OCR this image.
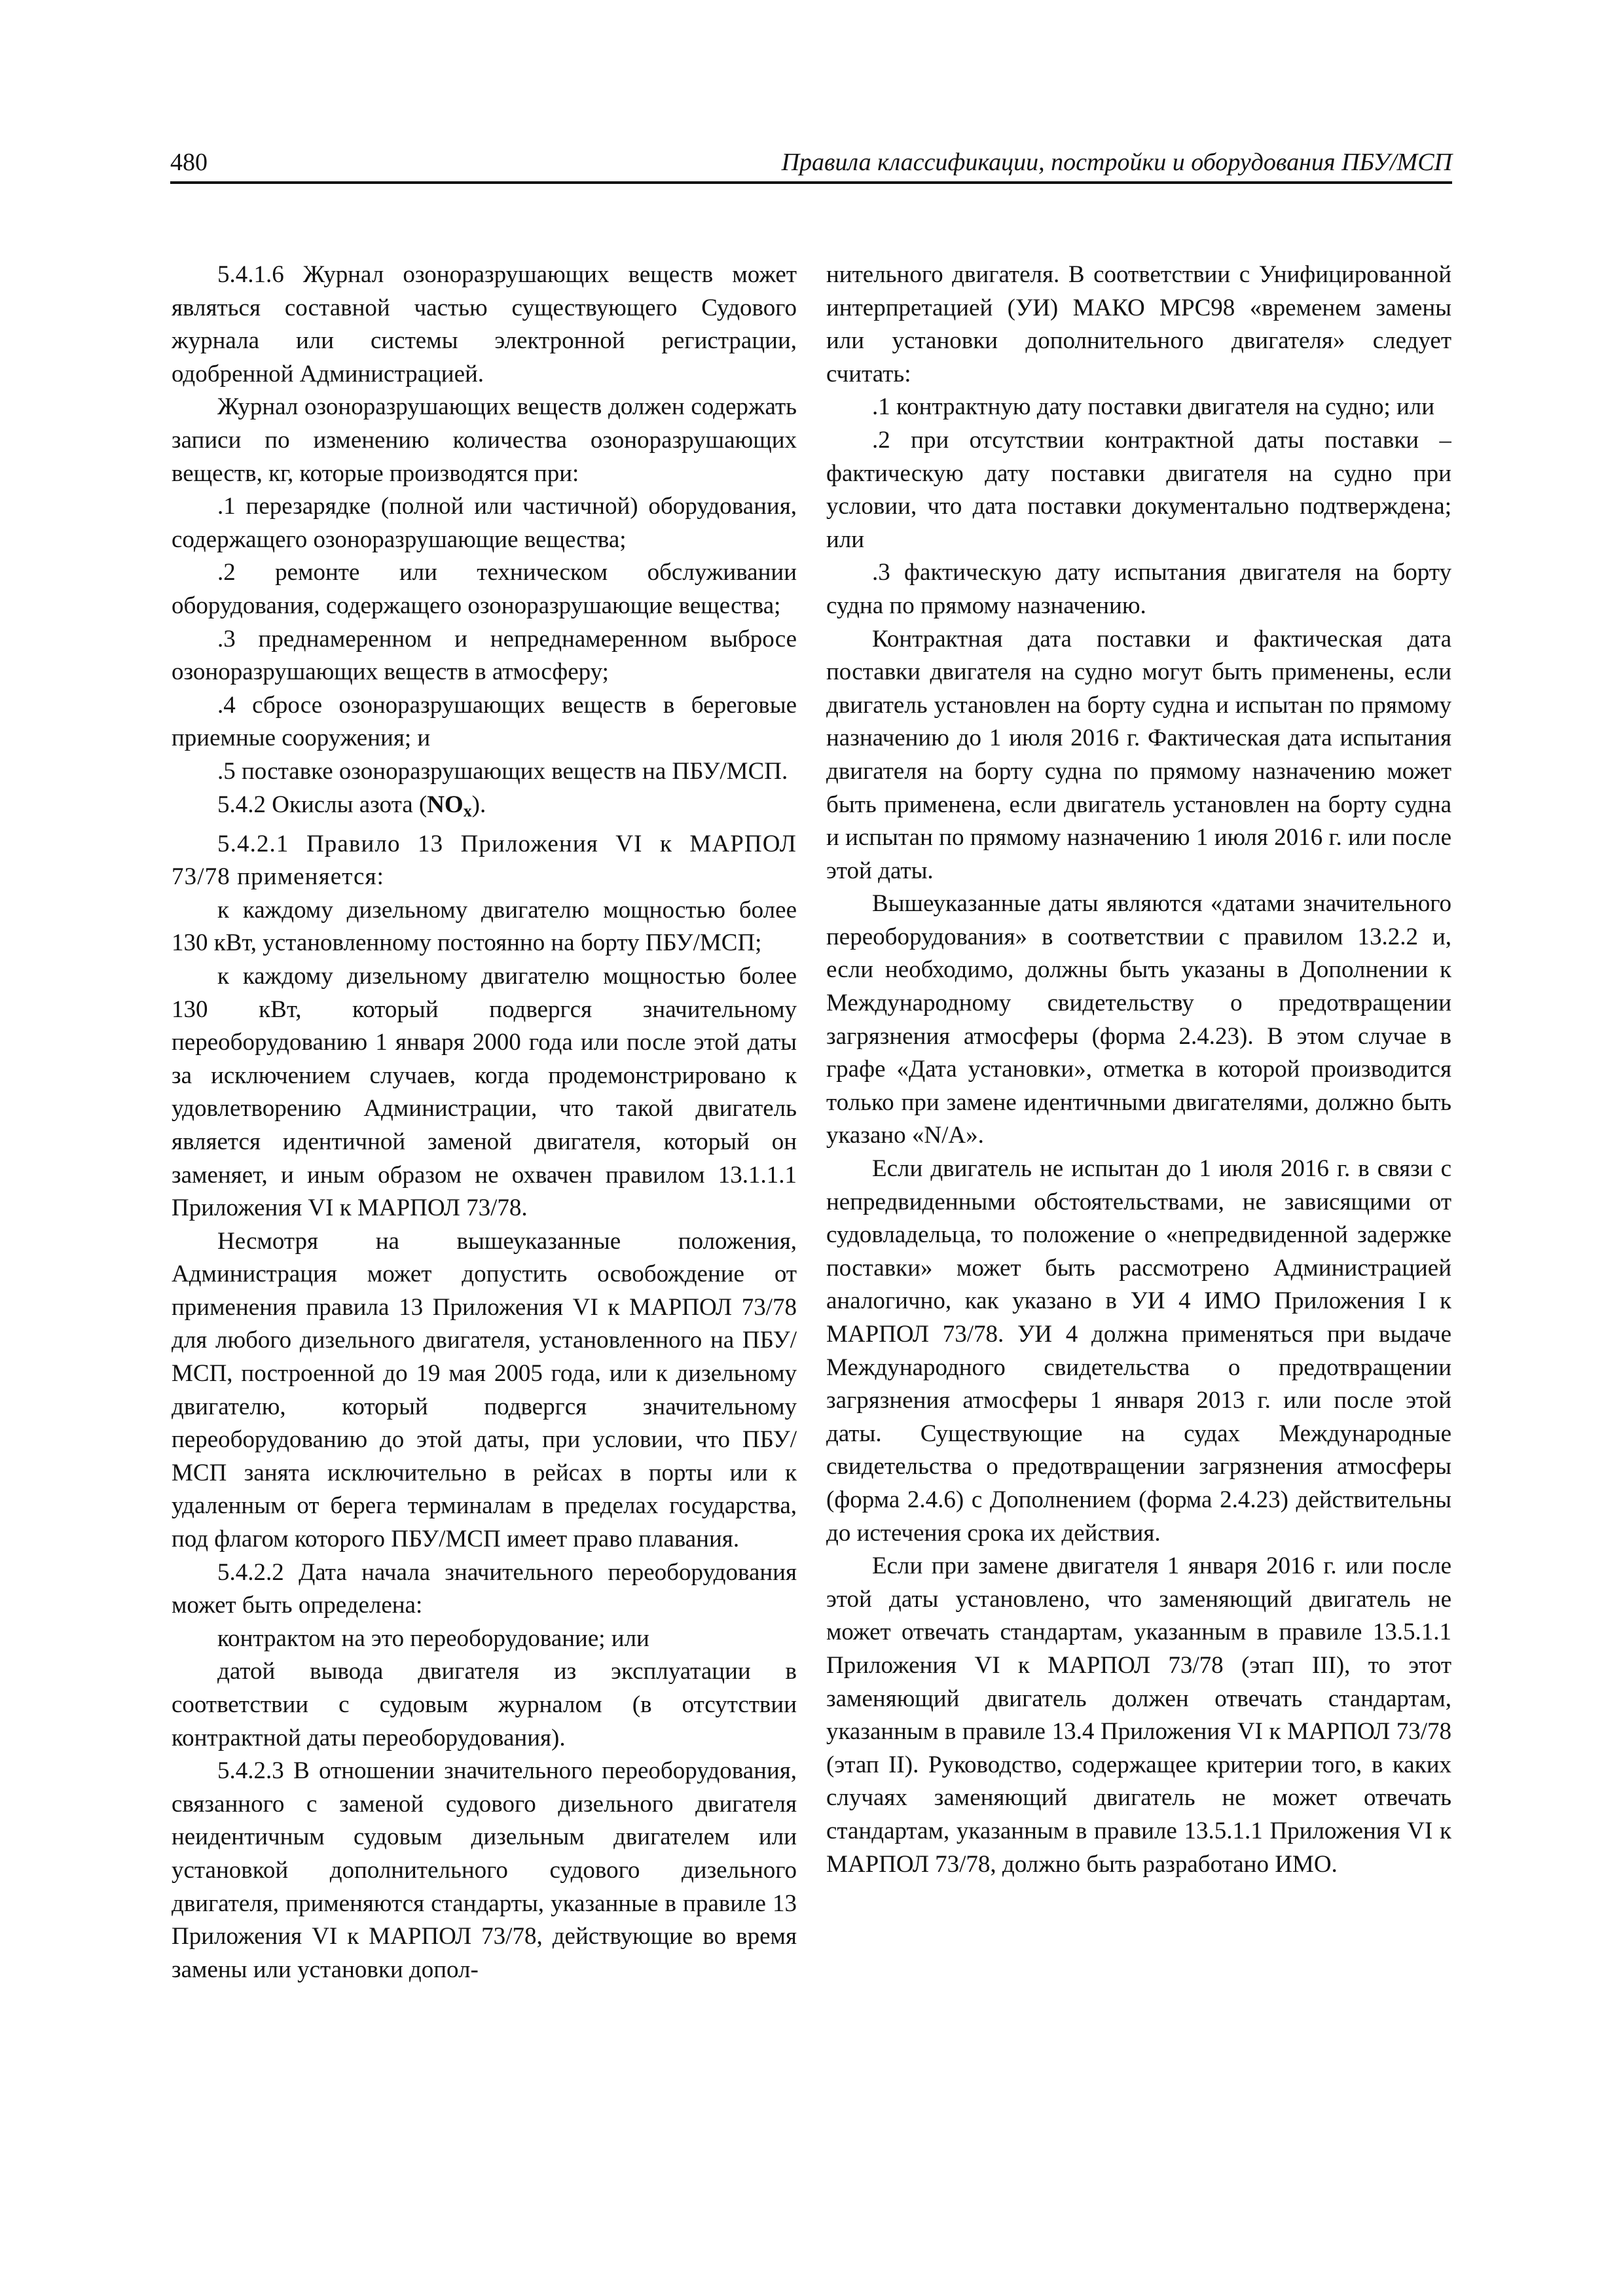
480	Правила классификации, постройки и оборудования ПБУ/МСП

5.4.1.6 Журнал озоноразрушающих веществ может являться составной частью существующего Судового журнала или системы электронной регистрации, одобренной Администрацией.

Журнал озоноразрушающих веществ должен содержать записи по изменению количества озоноразрушающих веществ, кг, которые производятся при:

.1 перезарядке (полной или частичной) оборудования, содержащего озоноразрушающие вещества;

.2 ремонте или техническом обслуживании оборудования, содержащего озоноразрушающие вещества;

.3 преднамеренном и непреднамеренном выбросе озоноразрушающих веществ в атмосферу;

.4 сбросе озоноразрушающих веществ в береговые приемные сооружения; и

.5 поставке озоноразрушающих веществ на ПБУ/МСП.

5.4.2 Окислы азота $(NO_x)$.

5.4.2.1 Правило 13 Приложения VI к МАРПОЛ 73/78 применяется:

к каждому дизельному двигателю мощностью более 130 кВт, установленному постоянно на борту ПБУ/МСП;

к каждому дизельному двигателю мощностью более 130 кВт, который подвергся значительному переоборудованию 1 января 2000 года или после этой даты за исключением случаев, когда продемонстрировано к удовлетворению Администрации, что такой двигатель является идентичной заменой двигателя, который он заменяет, и иным образом не охвачен правилом 13.1.1.1 Приложения VI к МАРПОЛ 73/78.

Несмотря на вышеуказанные положения, Администрация может допустить освобождение от применения правила 13 Приложения VI к МАРПОЛ 73/78 для любого дизельного двигателя, установленного на ПБУ/МСП, построенной до 19 мая 2005 года, или к дизельному двигателю, который подвергся значительному переоборудованию до этой даты, при условии, что ПБУ/МСП занята исключительно в рейсах в порты или к удаленным от берега терминалам в пределах государства, под флагом которого ПБУ/МСП имеет право плавания.

5.4.2.2 Дата начала значительного переоборудования может быть определена:

контрактом на это переоборудование; или

датой вывода двигателя из эксплуатации в соответствии с судовым журналом (в отсутствии контрактной даты переоборудования).

5.4.2.3 В отношении значительного переоборудования, связанного с заменой судового дизельного двигателя неидентичным судовым дизельным двигателем или установкой дополнительного судового дизельного двигателя, применяются стандарты, указанные в правиле 13 Приложения VI к МАРПОЛ 73/78, действующие во время замены или установки допол-

нительного двигателя. В соответствии с Унифицированной интерпретацией (УИ) МАКО MPC98 «временем замены или установки дополнительного двигателя» следует считать:

.1 контрактную дату поставки двигателя на судно; или

.2 при отсутствии контрактной даты поставки – фактическую дату поставки двигателя на судно при условии, что дата поставки документально подтверждена; или

.3 фактическую дату испытания двигателя на борту судна по прямому назначению.

Контрактная дата поставки и фактическая дата поставки двигателя на судно могут быть применены, если двигатель установлен на борту судна и испытан по прямому назначению до 1 июля 2016 г. Фактическая дата испытания двигателя на борту судна по прямому назначению может быть применена, если двигатель установлен на борту судна и испытан по прямому назначению 1 июля 2016 г. или после этой даты.

Вышеуказанные даты являются «датами значительного переоборудования» в соответствии с правилом 13.2.2 и, если необходимо, должны быть указаны в Дополнении к Международному свидетельству о предотвращении загрязнения атмосферы (форма 2.4.23). В этом случае в графе «Дата установки», отметка в которой производится только при замене идентичными двигателями, должно быть указано «N/A».

Если двигатель не испытан до 1 июля 2016 г. в связи с непредвиденными обстоятельствами, не зависящими от судовладельца, то положение о «непредвиденной задержке поставки» может быть рассмотрено Администрацией аналогично, как указано в УИ 4 ИМО Приложения I к МАРПОЛ 73/78. УИ 4 должна применяться при выдаче Международного свидетельства о предотвращении загрязнения атмосферы 1 января 2013 г. или после этой даты. Существующие на судах Международные свидетельства о предотвращении загрязнения атмосферы (форма 2.4.6) с Дополнением (форма 2.4.23) действительны до истечения срока их действия.

Если при замене двигателя 1 января 2016 г. или после этой даты установлено, что заменяющий двигатель не может отвечать стандартам, указанным в правиле 13.5.1.1 Приложения VI к МАРПОЛ 73/78 (этап III), то этот заменяющий двигатель должен отвечать стандартам, указанным в правиле 13.4 Приложения VI к МАРПОЛ 73/78 (этап II). Руководство, содержащее критерии того, в каких случаях заменяющий двигатель не может отвечать стандартам, указанным в правиле 13.5.1.1 Приложения VI к МАРПОЛ 73/78, должно быть разработано ИМО.
